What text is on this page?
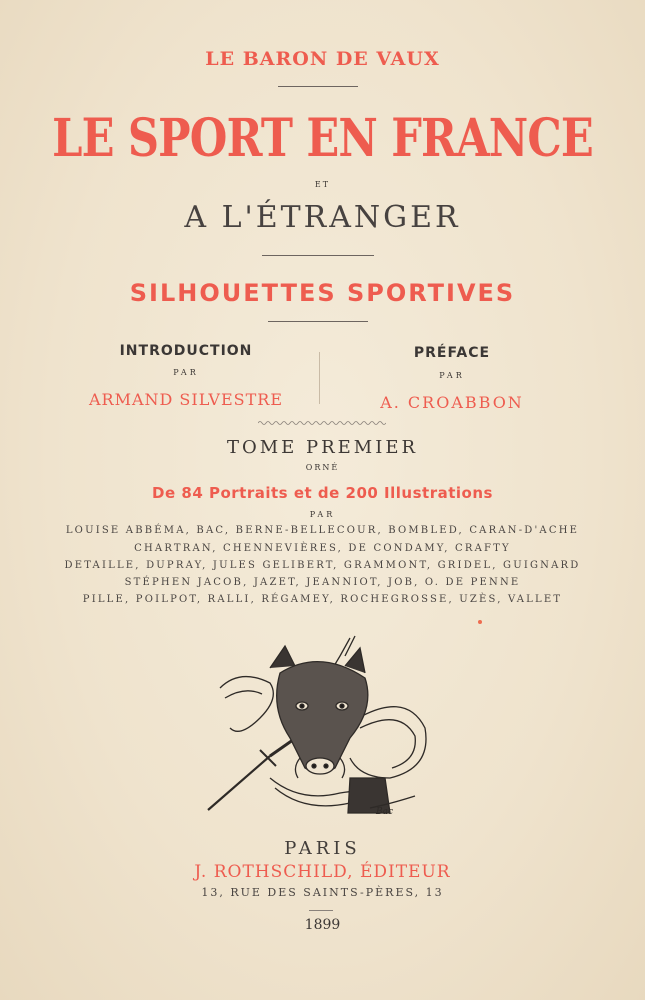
LE BARON DE VAUX
LE SPORT EN FRANCE
ET
A L'ÉTRANGER
SILHOUETTES SPORTIVES
INTRODUCTION
PAR
ARMAND SILVESTRE
PRÉFACE
PAR
A. CROABBON
TOME PREMIER
ORNÉ
De 84 Portraits et de 200 Illustrations
PAR
LOUISE ABBÉMA, BAC, BERNE-BELLECOUR, BOMBLED, CARAN-D'ACHE
CHARTRAN, CHENNEVIÈRES, DE CONDAMY, CRAFTY
DETAILLE, DUPRAY, JULES GELIBERT, GRAMMONT, GRIDEL, GUIGNARD
STÉPHEN JACOB, JAZET, JEANNIOT, JOB, O. DE PENNE
PILLE, POILPOT, RALLI, RÉGAMEY, ROCHEGROSSE, UZÈS, VALLET
Bac
PARIS
J. ROTHSCHILD, ÉDITEUR
13, RUE DES SAINTS-PÈRES, 13
1899
